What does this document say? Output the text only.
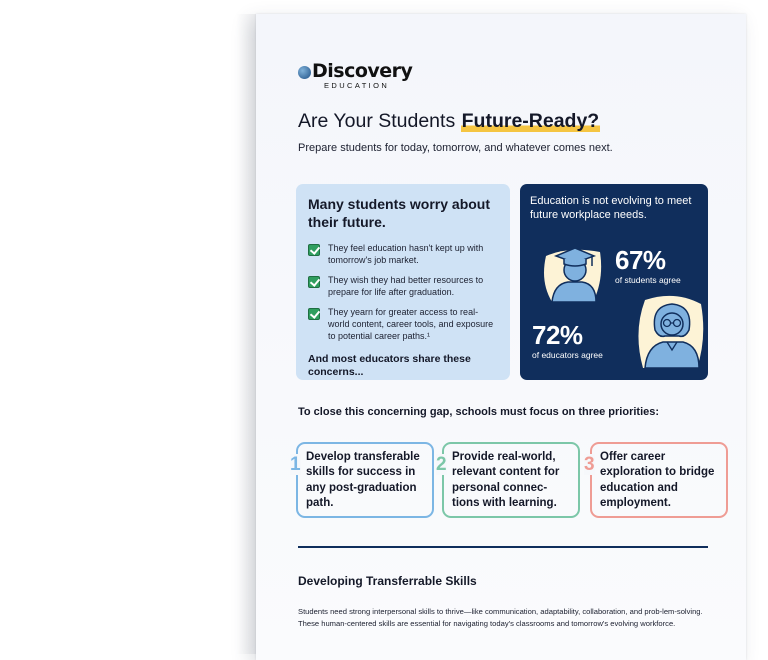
Discovery
EDUCATION
Are Your Students Future-Ready?
Prepare students for today, tomorrow, and whatever comes next.
Many students worry about their future.
They feel education hasn't kept up with tomorrow's job market.
They wish they had better resources to prepare for life after graduation.
They yearn for greater access to real-world content, career tools, and exposure to potential career paths.¹
And most educators share these concerns...
Education is not evolving to meet future workplace needs.
67%
of students agree
72%
of educators agree
To close this concerning gap, schools must focus on three priorities:
1 Develop transferable skills for success in any post-graduation path.
2 Provide real-world, relevant content for personal connec-tions with learning.
3 Offer career exploration to bridge education and employment.
Developing Transferrable Skills
Students need strong interpersonal skills to thrive—like communication, adaptability, collaboration, and prob-lem-solving. These human-centered skills are essential for navigating today's classrooms and tomorrow's evolving workforce.
